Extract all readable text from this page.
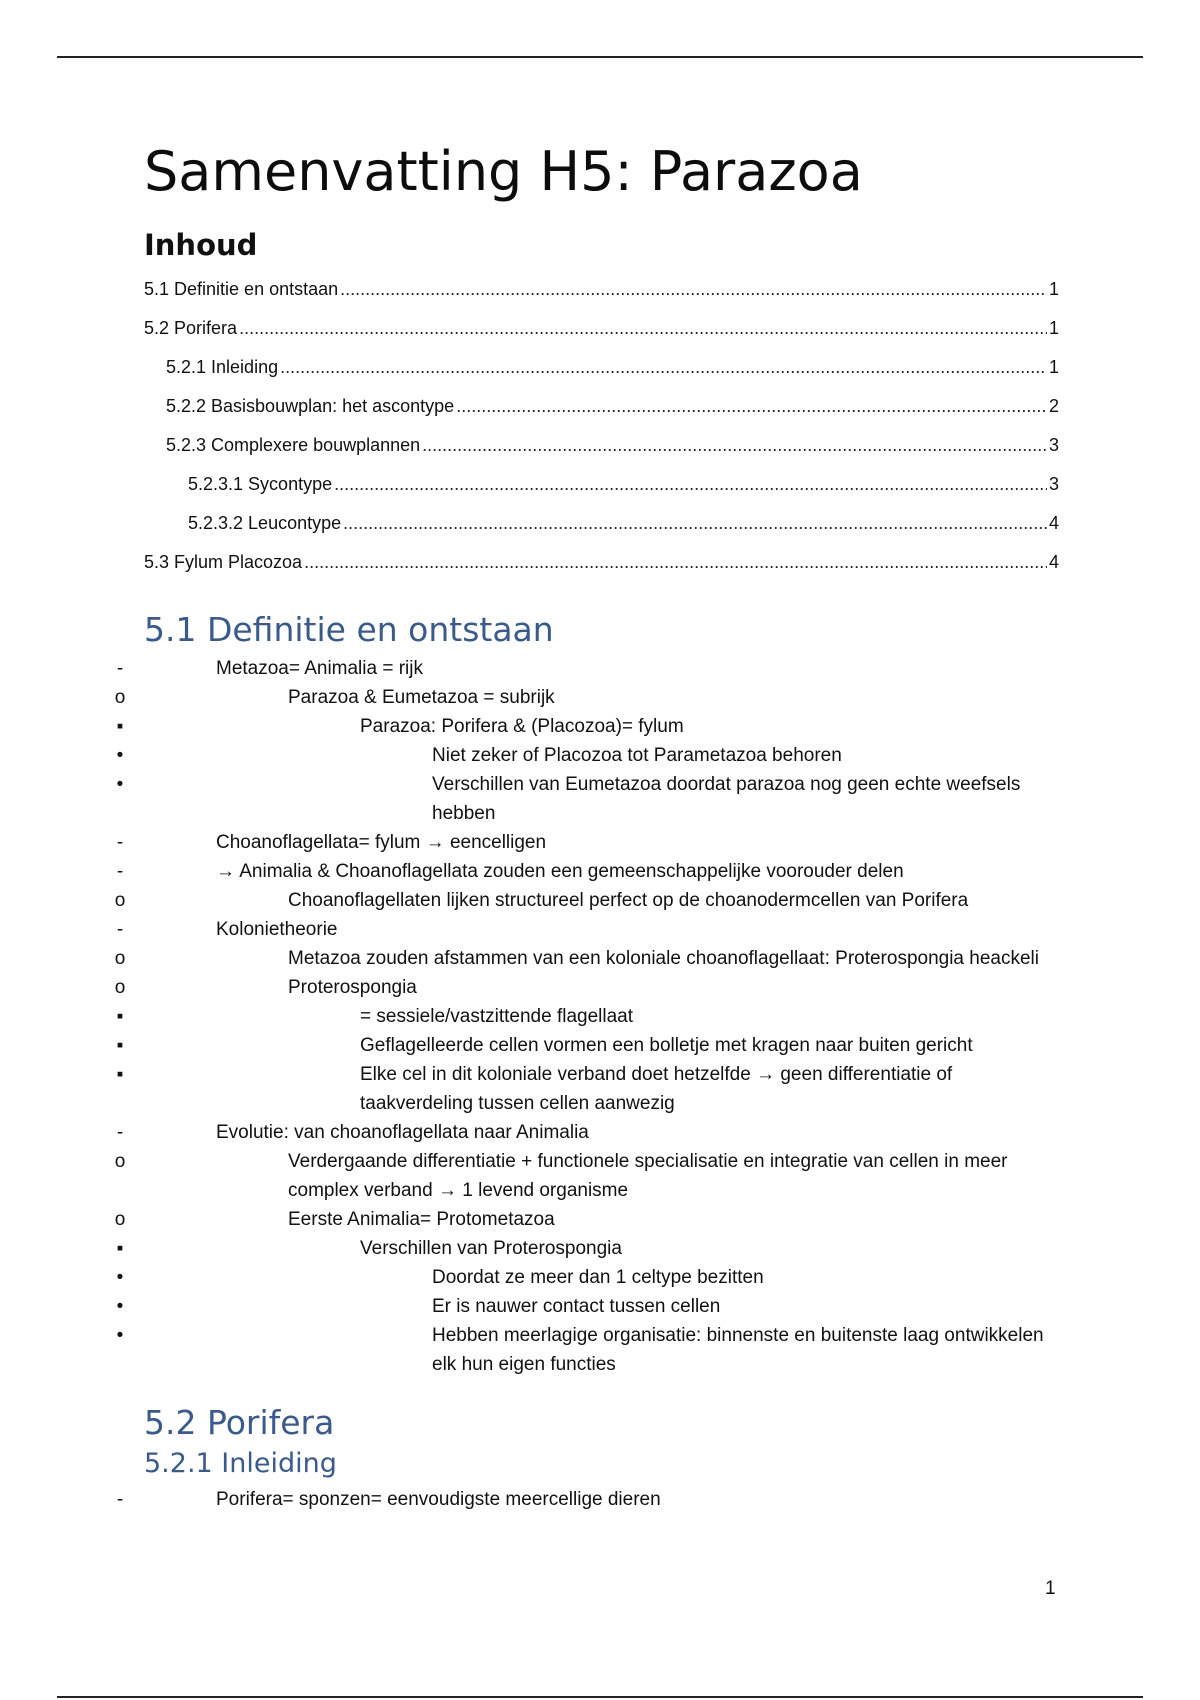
Samenvatting H5: Parazoa
Inhoud
5.1 Definitie en ontstaan .....	1
5.2 Porifera .....	1
5.2.1 Inleiding .....	1
5.2.2 Basisbouwplan: het ascontype .....	2
5.2.3 Complexere bouwplannen .....	3
5.2.3.1 Sycontype .....	3
5.2.3.2 Leucontype .....	4
5.3 Fylum Placozoa .....	4
5.1 Definitie en ontstaan
-	Metazoa= Animalia = rijk
o	Parazoa & Eumetazoa = subrijk
▪	Parazoa: Porifera & (Placozoa)= fylum
•	Niet zeker of Placozoa tot Parametazoa behoren
•	Verschillen van Eumetazoa doordat parazoa nog geen echte weefsels hebben
-	Choanoflagellata= fylum → eencelligen
-	→ Animalia & Choanoflagellata zouden een gemeenschappelijke voorouder delen
o	Choanoflagellaten lijken structureel perfect op de choanodermcellen van Porifera
-	Kolonietheorie
o	Metazoa zouden afstammen van een koloniale choanoflagellaat: Proterospongia heackeli
o	Proterospongia
▪	= sessiele/vastzittende flagellaat
▪	Geflagelleerde cellen vormen een bolletje met kragen naar buiten gericht
▪	Elke cel in dit koloniale verband doet hetzelfde → geen differentiatie of taakverdeling tussen cellen aanwezig
-	Evolutie: van choanoflagellata naar Animalia
o	Verdergaande differentiatie + functionele specialisatie en integratie van cellen in meer complex verband → 1 levend organisme
o	Eerste Animalia= Protometazoa
▪	Verschillen van Proterospongia
•	Doordat ze meer dan 1 celtype bezitten
•	Er is nauwer contact tussen cellen
•	Hebben meerlagige organisatie: binnenste en buitenste laag ontwikkelen elk hun eigen functies
5.2 Porifera
5.2.1 Inleiding
-	Porifera= sponzen= eenvoudigste meercellige dieren
1
